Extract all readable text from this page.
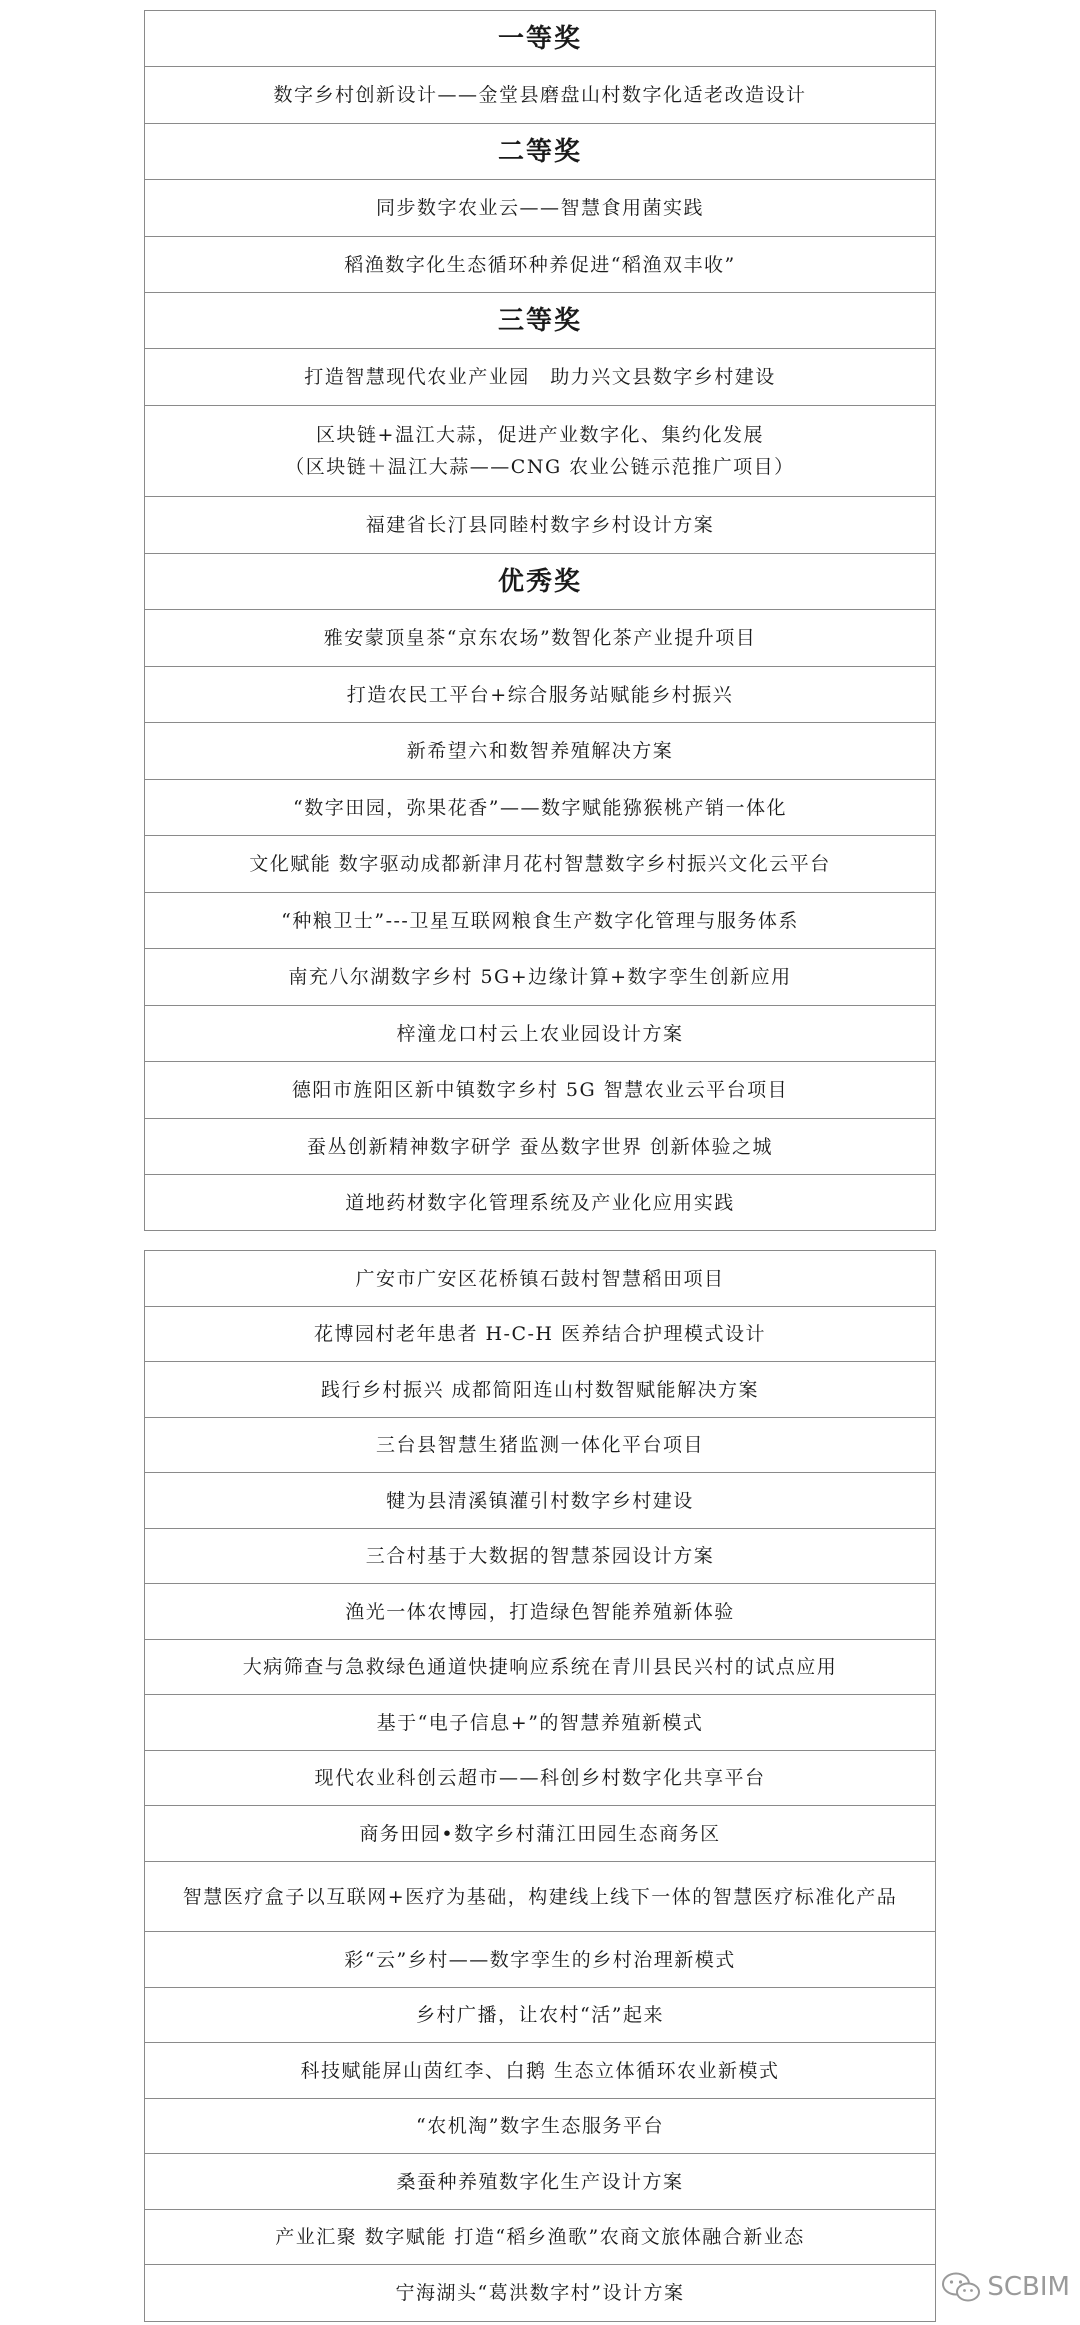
一等奖
数字乡村创新设计——金堂县磨盘山村数字化适老改造设计
二等奖
同步数字农业云——智慧食用菌实践
稻渔数字化生态循环种养促进“稻渔双丰收”
三等奖
打造智慧现代农业产业园　助力兴文县数字乡村建设
区块链+温江大蒜，促进产业数字化、集约化发展
（区块链＋温江大蒜——CNG 农业公链示范推广项目）
福建省长汀县同睦村数字乡村设计方案
优秀奖
雅安蒙顶皇茶“京东农场”数智化茶产业提升项目
打造农民工平台+综合服务站赋能乡村振兴
新希望六和数智养殖解决方案
“数字田园，弥果花香”——数字赋能猕猴桃产销一体化
文化赋能 数字驱动成都新津月花村智慧数字乡村振兴文化云平台
“种粮卫士”---卫星互联网粮食生产数字化管理与服务体系
南充八尔湖数字乡村 5G+边缘计算+数字孪生创新应用
梓潼龙口村云上农业园设计方案
德阳市旌阳区新中镇数字乡村 5G 智慧农业云平台项目
蚕丛创新精神数字研学 蚕丛数字世界 创新体验之城
道地药材数字化管理系统及产业化应用实践
广安市广安区花桥镇石鼓村智慧稻田项目
花博园村老年患者 H-C-H 医养结合护理模式设计
践行乡村振兴 成都简阳连山村数智赋能解决方案
三台县智慧生猪监测一体化平台项目
犍为县清溪镇灌引村数字乡村建设
三合村基于大数据的智慧茶园设计方案
渔光一体农博园，打造绿色智能养殖新体验
大病筛查与急救绿色通道快捷响应系统在青川县民兴村的试点应用
基于“电子信息+”的智慧养殖新模式
现代农业科创云超市——科创乡村数字化共享平台
商务田园•数字乡村蒲江田园生态商务区
智慧医疗盒子以互联网+医疗为基础，构建线上线下一体的智慧医疗标准化产品
彩“云”乡村——数字孪生的乡村治理新模式
乡村广播，让农村“活”起来
科技赋能屏山茵红李、白鹅 生态立体循环农业新模式
“农机淘”数字生态服务平台
桑蚕种养殖数字化生产设计方案
产业汇聚 数字赋能 打造“稻乡渔歌”农商文旅体融合新业态
宁海湖头“葛洪数字村”设计方案	SCBIM
